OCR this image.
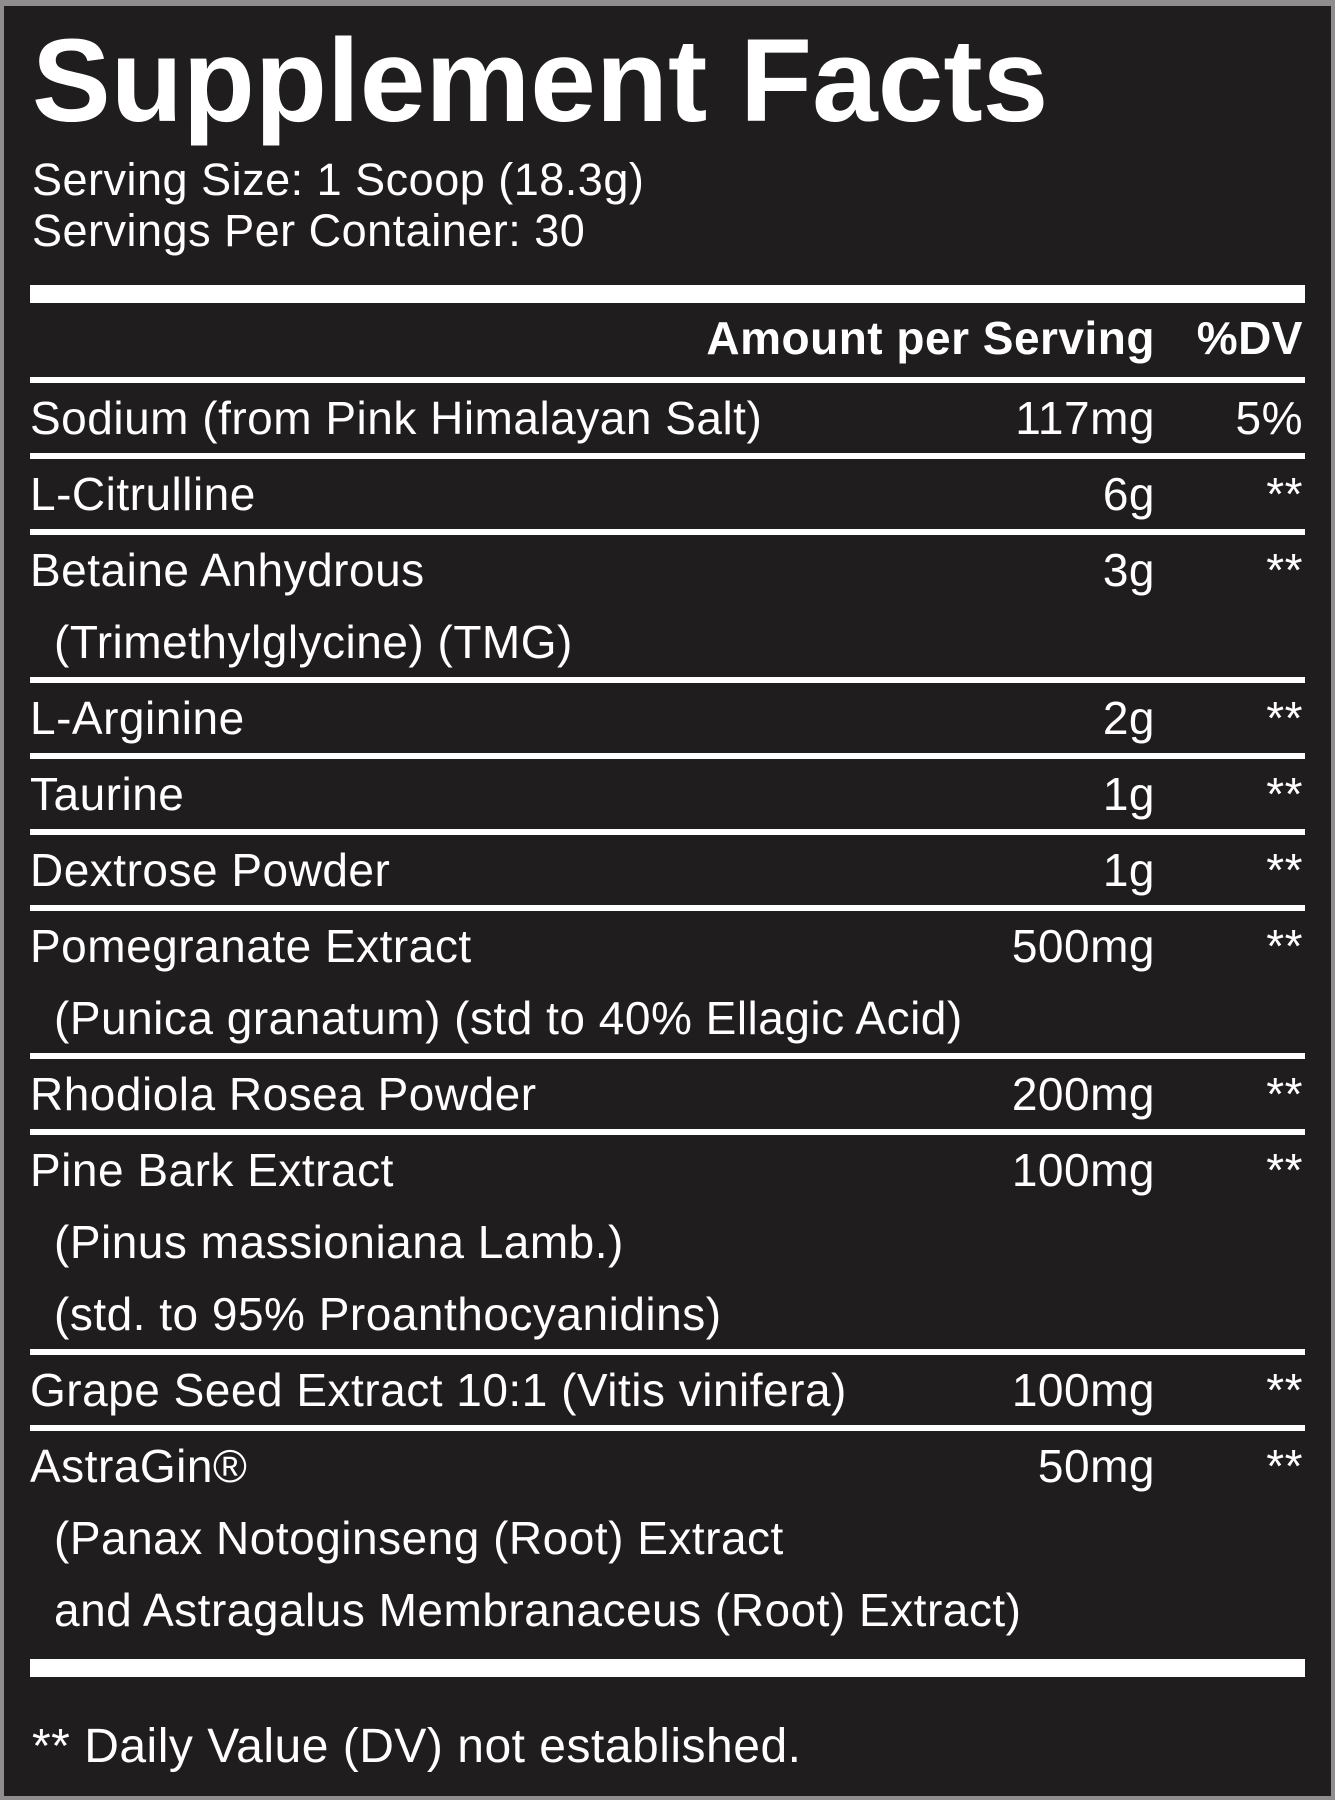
Supplement Facts
Serving Size: 1 Scoop (18.3g)
Servings Per Container: 30
Amount per Serving %DV
Sodium (from Pink Himalayan Salt)	117mg	5%
L-Citrulline	6g	**
Betaine Anhydrous	3g	**
(Trimethylglycine) (TMG)
L-Arginine	2g	**
Taurine	1g	**
Dextrose Powder	1g	**
Pomegranate Extract	500mg	**
(Punica granatum) (std to 40% Ellagic Acid)
Rhodiola Rosea Powder	200mg	**
Pine Bark Extract	100mg	**
(Pinus massioniana Lamb.)
(std. to 95% Proanthocyanidins)
Grape Seed Extract 10:1 (Vitis vinifera)	100mg	**
AstraGin®	50mg	**
(Panax Notoginseng (Root) Extract
and Astragalus Membranaceus (Root) Extract)
** Daily Value (DV) not established.
